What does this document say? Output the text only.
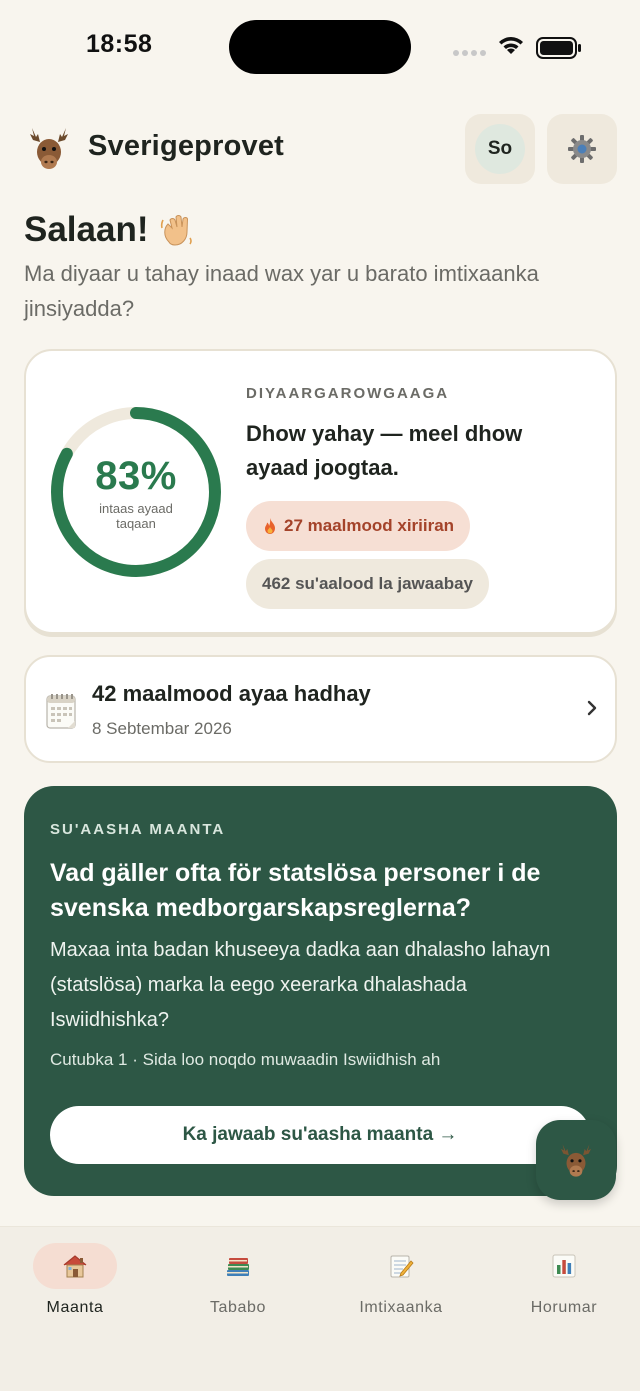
18:58
Sverigeprovet	So
Salaan!
Ma diyaar u tahay inaad wax yar u barato imtixaanka jinsiyadda?
83%
intaas ayaad taqaan
DIYAARGAROWGAAGA
Dhow yahay — meel dhow ayaad joogtaa.
27 maalmood xiriiran
462 su'aalood la jawaabay
42 maalmood ayaa hadhay
8 Sebtembar 2026
SU'AASHA MAANTA
Vad gäller ofta för statslösa personer i de svenska medborgarskapsreglerna?
Maxaa inta badan khuseeya dadka aan dhalasho lahayn (statslösa) marka la eego xeerarka dhalashada Iswiidhishka?
Cutubka 1 · Sida loo noqdo muwaadin Iswiidhish ah
Ka jawaab su'aasha maanta →
Maanta	Tababo	Imtixaanka	Horumar
